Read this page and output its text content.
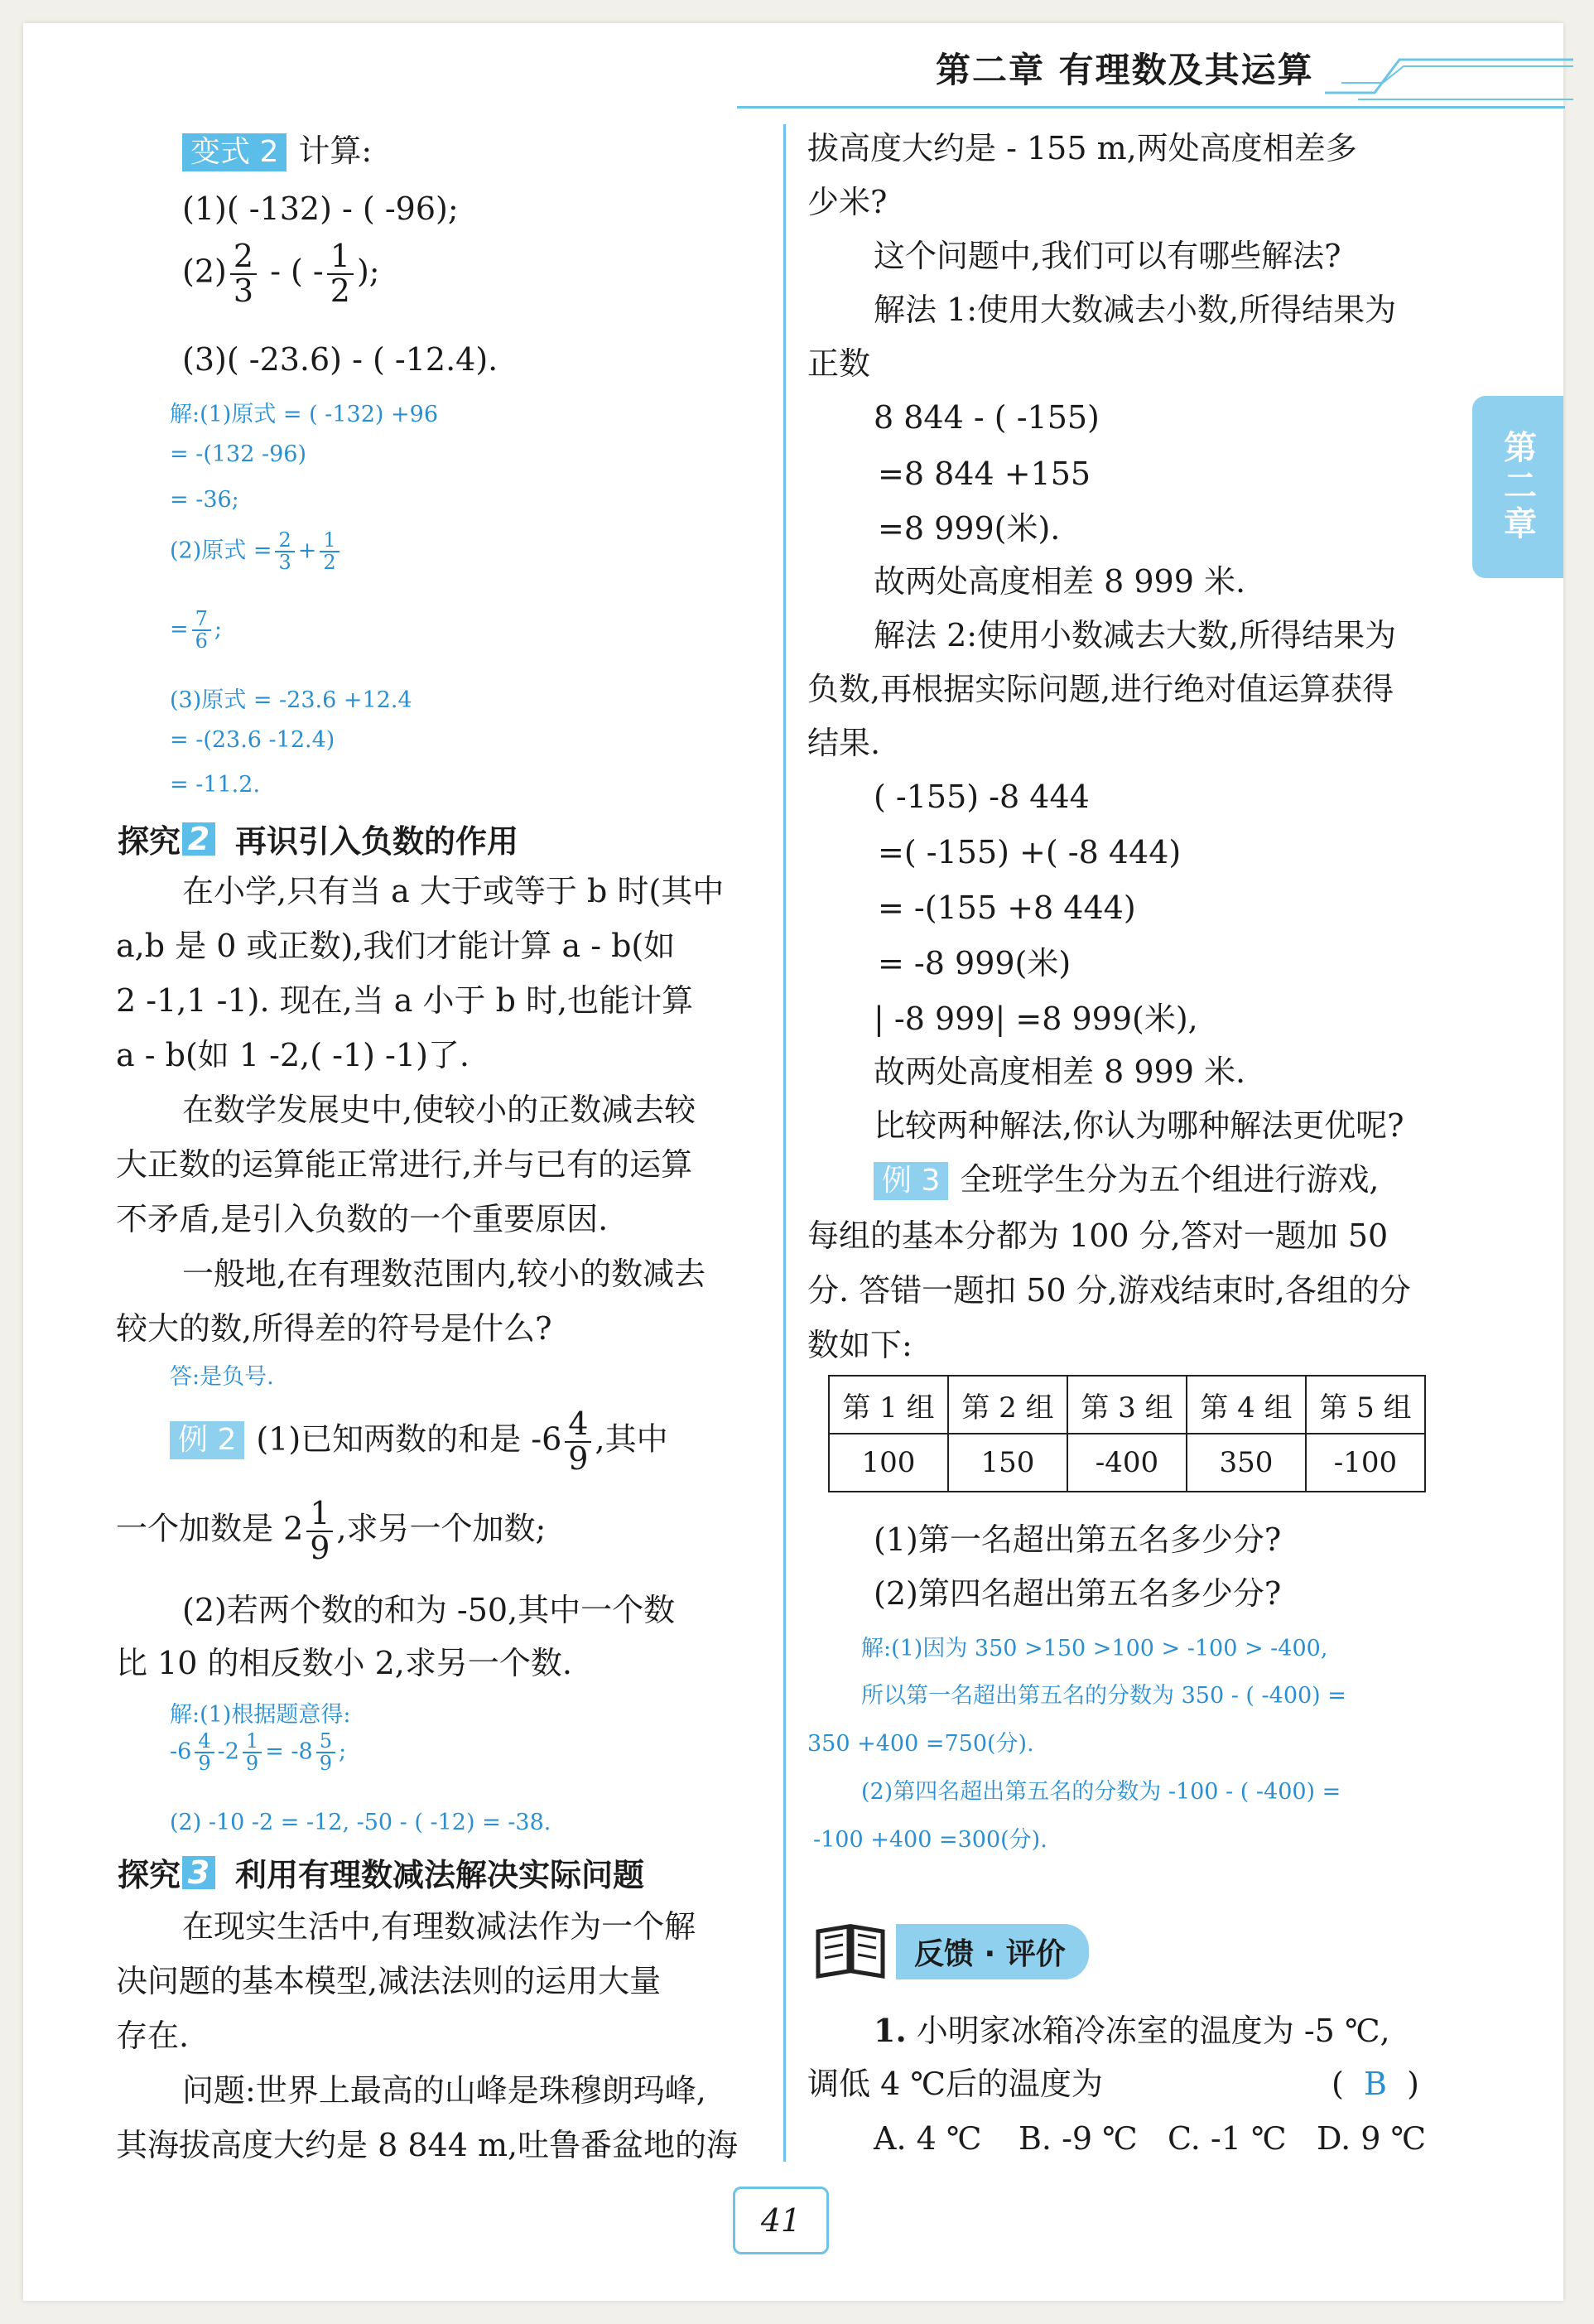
第二章 有理数及其运算
第二章
变式 2 计算:
(1)( -132) - ( -96);
$(2) \frac{2}{3}$ - ( - $\frac{1}{2}$ );
(3)( -23.6) - ( -12.4).
解:(1)原式 = ( -132) +96
= -(132 -96)
= -36;
(2)原式 = $\frac{2}{3} + \frac{1}{2}$
= $\frac{7}{6}$ ;
(3)原式 = -23.6 +12.4
= -(23.6 -12.4)
= -11.2.
探究 2 再识引入负数的作用
在小学,只有当 a 大于或等于 b 时(其中
a,b 是 0 或正数),我们才能计算 a - b(如
2 -1,1 -1). 现在,当 a 小于 b 时,也能计算
a - b(如 1 -2,( -1) -1)了.
在数学发展史中,使较小的正数减去较
大正数的运算能正常进行,并与已有的运算
不矛盾,是引入负数的一个重要原因.
一般地,在有理数范围内,较小的数减去
较大的数,所得差的符号是什么?
答:是负号.
例 2 (1)已知两数的和是 $-6 \frac{4}{9}$ ,其中
一个加数是 $2 \frac{1}{9}$ ,求另一个加数;
(2)若两个数的和为 -50,其中一个数
比 10 的相反数小 2,求另一个数.
解:(1)根据题意得:
$-6 \frac{4}{9} -2 \frac{1}{9} = -8 \frac{5}{9}$ ;
(2) -10 -2 = -12, -50 - ( -12) = -38.
探究 3 利用有理数减法解决实际问题
在现实生活中,有理数减法作为一个解
决问题的基本模型,减法法则的运用大量
存在.
问题:世界上最高的山峰是珠穆朗玛峰,
其海拔高度大约是 8 844 m,吐鲁番盆地的海
拔高度大约是 - 155 m,两处高度相差多
少米?
这个问题中,我们可以有哪些解法?
解法 1:使用大数减去小数,所得结果为
正数
8 844 - ( -155)
=8 844 +155
=8 999(米).
故两处高度相差 8 999 米.
解法 2:使用小数减去大数,所得结果为
负数,再根据实际问题,进行绝对值运算获得
结果.
( -155) -8 444
=( -155) +( -8 444)
= -(155 +8 444)
= -8 999(米)
| -8 999| =8 999(米),
故两处高度相差 8 999 米.
比较两种解法,你认为哪种解法更优呢?
例 3 全班学生分为五个组进行游戏,
每组的基本分都为 100 分,答对一题加 50
分. 答错一题扣 50 分,游戏结束时,各组的分
数如下:
第 1 组	第 2 组	第 3 组	第 4 组	第 5 组
100	150	-400	350	-100
(1)第一名超出第五名多少分?
(2)第四名超出第五名多少分?
解:(1)因为 350 >150 >100 > -100 > -400,
所以第一名超出第五名的分数为 350 - ( -400) =
350 +400 =750(分).
(2)第四名超出第五名的分数为 -100 - ( -400) =
-100 +400 =300(分).
反馈 · 评价
1. 小明家冰箱冷冻室的温度为 -5 ℃,
调低 4 ℃后的温度为	( B )
A. 4 ℃ B. -9 ℃ C. -1 ℃ D. 9 ℃
41
